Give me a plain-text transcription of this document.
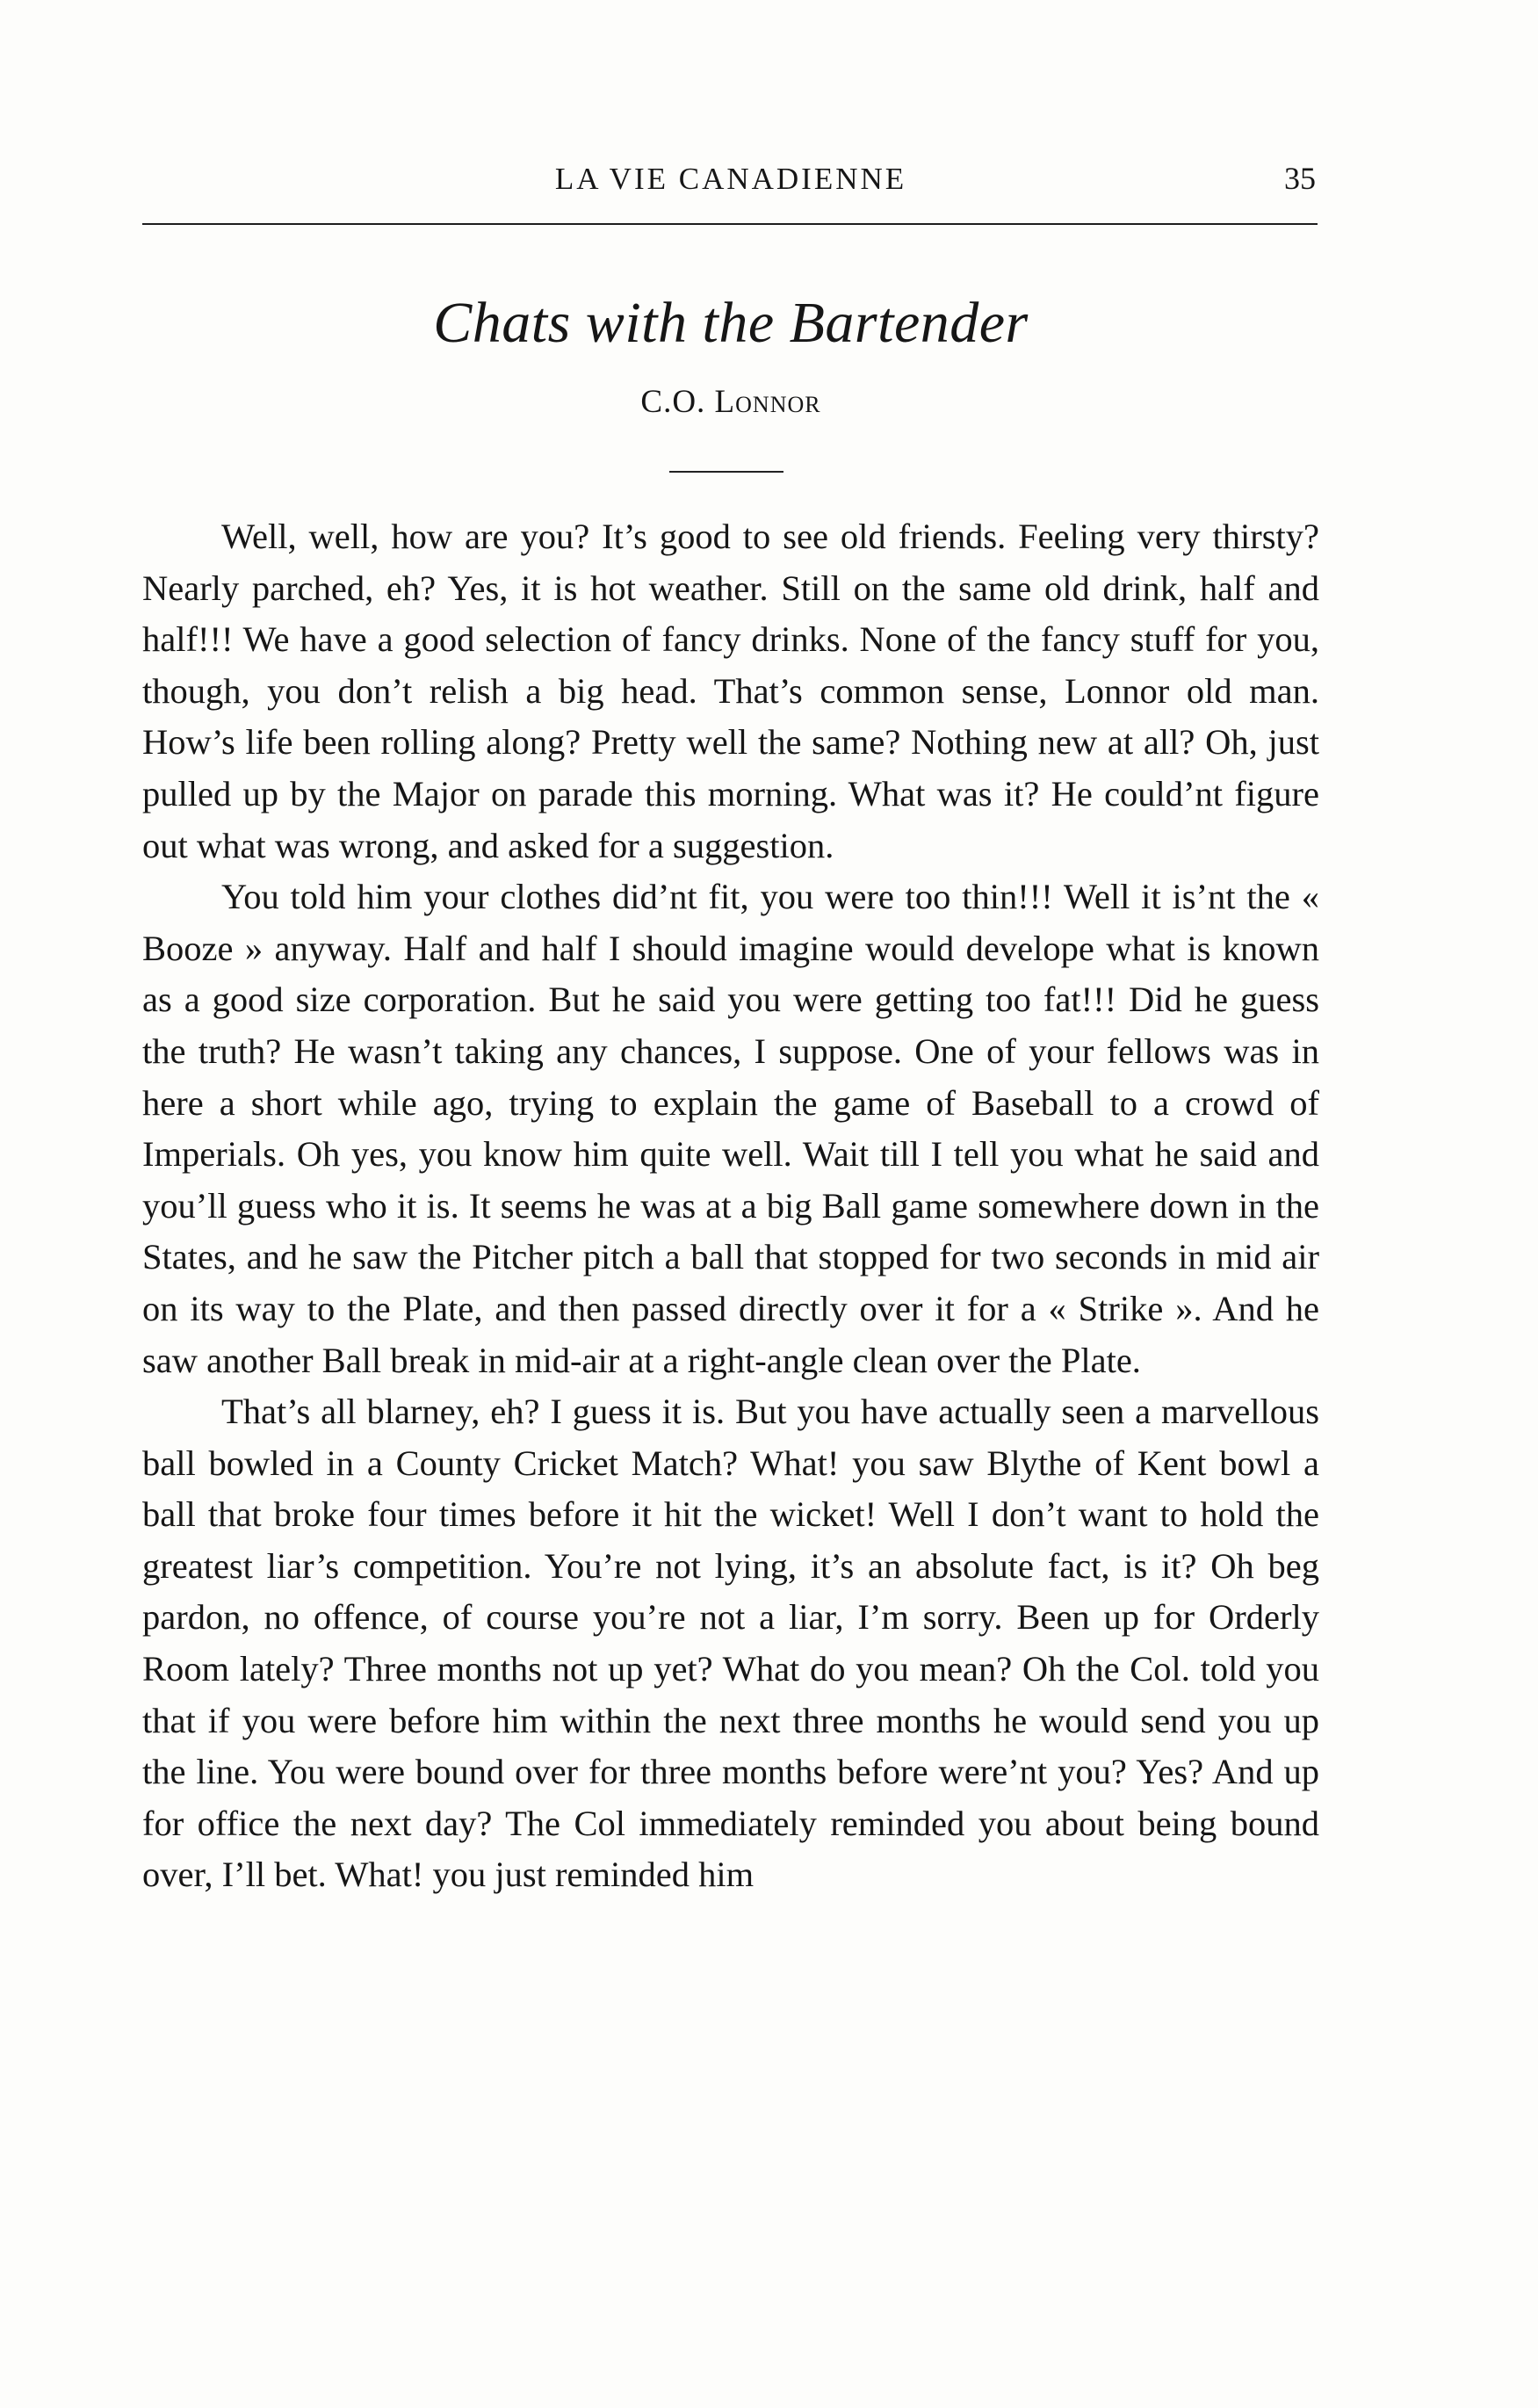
LA VIE CANADIENNE	35
Chats with the Bartender
C.O. Lonnor

Well, well, how are you? It’s good to see old friends. Feeling very thirsty? Nearly parched, eh? Yes, it is hot weather. Still on the same old drink, half and half!!! We have a good selection of fancy drinks. None of the fancy stuff for you, though, you don’t relish a big head. That’s common sense, Lonnor old man. How’s life been rolling along? Pretty well the same? Nothing new at all? Oh, just pulled up by the Major on parade this morning. What was it? He could’nt figure out what was wrong, and asked for a suggestion.

You told him your clothes did’nt fit, you were too thin!!! Well it is’nt the « Booze » anyway. Half and half I should imagine would develope what is known as a good size corporation. But he said you were getting too fat!!! Did he guess the truth? He wasn’t taking any chances, I suppose. One of your fellows was in here a short while ago, trying to explain the game of Baseball to a crowd of Imperials. Oh yes, you know him quite well. Wait till I tell you what he said and you’ll guess who it is. It seems he was at a big Ball game somewhere down in the States, and he saw the Pitcher pitch a ball that stopped for two seconds in mid air on its way to the Plate, and then passed directly over it for a « Strike ». And he saw another Ball break in mid-air at a right-angle clean over the Plate.

That’s all blarney, eh? I guess it is. But you have actually seen a marvellous ball bowled in a County Cricket Match? What! you saw Blythe of Kent bowl a ball that broke four times before it hit the wicket! Well I don’t want to hold the greatest liar’s competition. You’re not lying, it’s an absolute fact, is it? Oh beg pardon, no offence, of course you’re not a liar, I’m sorry. Been up for Orderly Room lately? Three months not up yet? What do you mean? Oh the Col. told you that if you were before him within the next three months he would send you up the line. You were bound over for three months before were’nt you? Yes? And up for office the next day? The Col immediately reminded you about being bound over, I’ll bet. What! you just reminded him
